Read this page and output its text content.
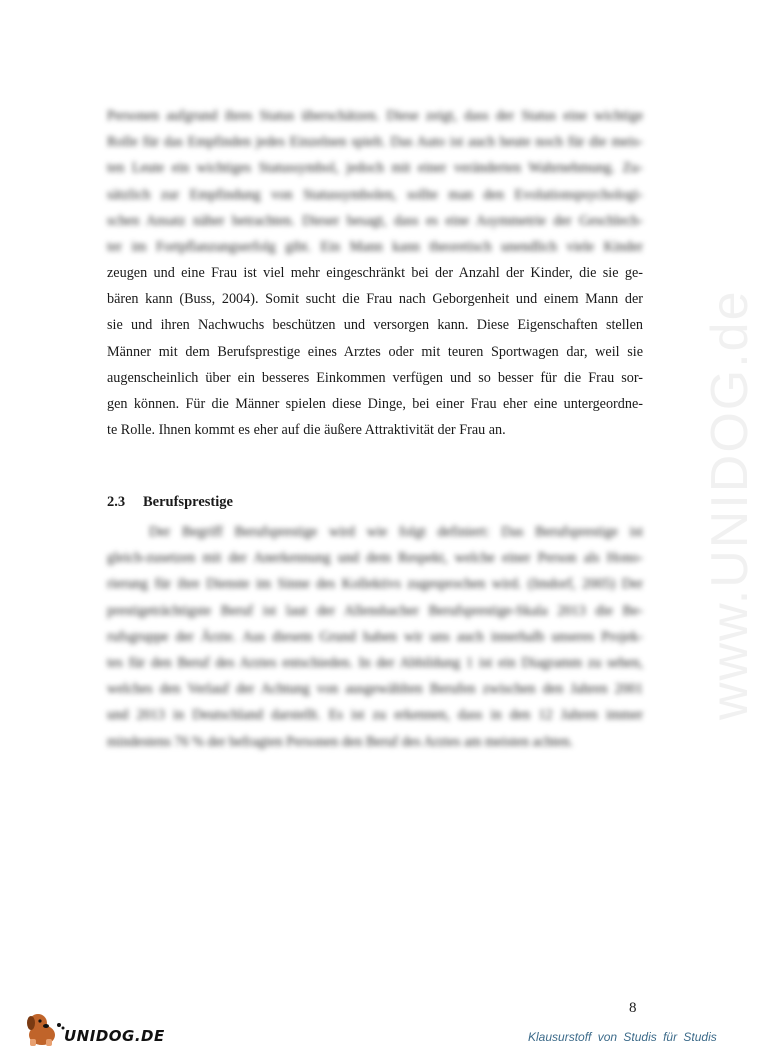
Personen aufgrund ihres Status überschätzen. Diese zeigt, dass der Status eine wichtige
Rolle für das Empfinden jedes Einzelnen spielt. Das Auto ist auch heute noch für die meis-
ten Leute ein wichtiges Statussymbol, jedoch mit einer veränderten Wahrnehmung. Zu-
sätzlich zur Empfindung von Statussymbolen, sollte man den Evolutionspsychologi-
schen Ansatz näher betrachten. Dieser besagt, dass es eine Asymmetrie der Geschlech-
ter im Fortpflanzungserfolg gibt. Ein Mann kann theoretisch unendlich viele Kinder
zeugen und eine Frau ist viel mehr eingeschränkt bei der Anzahl der Kinder, die sie ge-
bären kann (Buss, 2004). Somit sucht die Frau nach Geborgenheit und einem Mann der
sie und ihren Nachwuchs beschützen und versorgen kann. Diese Eigenschaften stellen
Männer mit dem Berufsprestige eines Arztes oder mit teuren Sportwagen dar, weil sie
augenscheinlich über ein besseres Einkommen verfügen und so besser für die Frau sor-
gen können. Für die Männer spielen diese Dinge, bei einer Frau eher eine untergeordne-
te Rolle. Ihnen kommt es eher auf die äußere Attraktivität der Frau an.
2.3 Berufsprestige
Der Begriff Berufsprestige wird wie folgt definiert: Das Berufsprestige ist
gleich-zusetzen mit der Anerkennung und dem Respekt, welche einer Person als Hono-
rierung für ihre Dienste im Sinne des Kollektivs zugesprochen wird. (Imdorf, 2005) Der
prestigeträchtigste Beruf ist laut der Allensbacher Berufsprestige-Skala 2013 die Be-
rufsgruppe der Ärzte. Aus diesem Grund haben wir uns auch innerhalb unseres Projek-
tes für den Beruf des Arztes entschieden. In der Abbildung 1 ist ein Diagramm zu sehen,
welches den Verlauf der Achtung von ausgewählten Berufen zwischen den Jahren 2001
und 2013 in Deutschland darstellt. Es ist zu erkennen, dass in den 12 Jahren immer
mindestens 76 % der befragten Personen den Beruf des Arztes am meisten achten.
www.UNIDOG.de
8
UNIDOG.DE	Klausurstoff von Studis für Studis
